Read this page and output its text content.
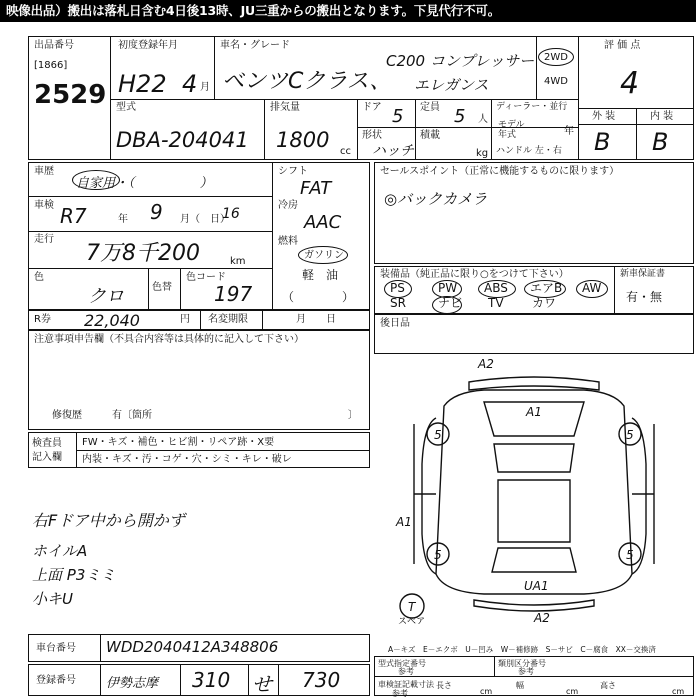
映像出品）搬出は落札日含む4日後13時、JU三重からの搬出となります。下見代行不可。
出品番号
[1866]
2529
初度登録年月
H22 4 月
車名・グレード
ベンツCクラス、
C200 コンプレッサー
エレガンス
2WD
4WD
評 価 点
4
外 装	内 装
B B
型式
DBA-204041
排気量
1800 cc
ドア 5
形状
ハッチ
定員 5 人
積載
kg
ディーラー・並行
モデル 年式	年
ハンドル 左・右
車歴
自家用・（　　　　　）
車検 R7	年 9 月（　日）
16
走行
7万8千200	km
色
クロ	色替
色コード
197
シフト
FAT
冷房
AAC
燃料
ガソリン
軽　油
（　　　　）
セールスポイント（正常に機能するものに限ります）
◎バックカメラ
装備品（純正品に限り○をつけて下さい）	新車保証書
有・無
PS	PW ABS エアB AW
SR	ナビ TV カワ
R券 22,040	円 名変期限	月　　日	後日品
注意事項申告欄（不具合内容等は具体的に記入して下さい）
修復歴	有〔箇所	〕
検査員 記入欄
FW・キズ・補色・ヒビ割・リペア跡・X要
内装・キズ・汚・コゲ・穴・シミ・キレ・破レ
右Fドア中から開かず
ホイルA
上面 P3ミミ
小キU
A2
A1
5	5
5	5
A1
UA1
A2
T
スペア
A－キズ　E－エクボ　U－凹み　W－補修跡　S－サビ　C－腐食　XX－交換済
車台番号 WDD2040412A348806
登録番号 伊勢志摩 310 せ 730
型式指定番号	類別区分番号
参考	参考
車検証記載寸法
参考
長さ
cm
幅
cm
高さ
cm
